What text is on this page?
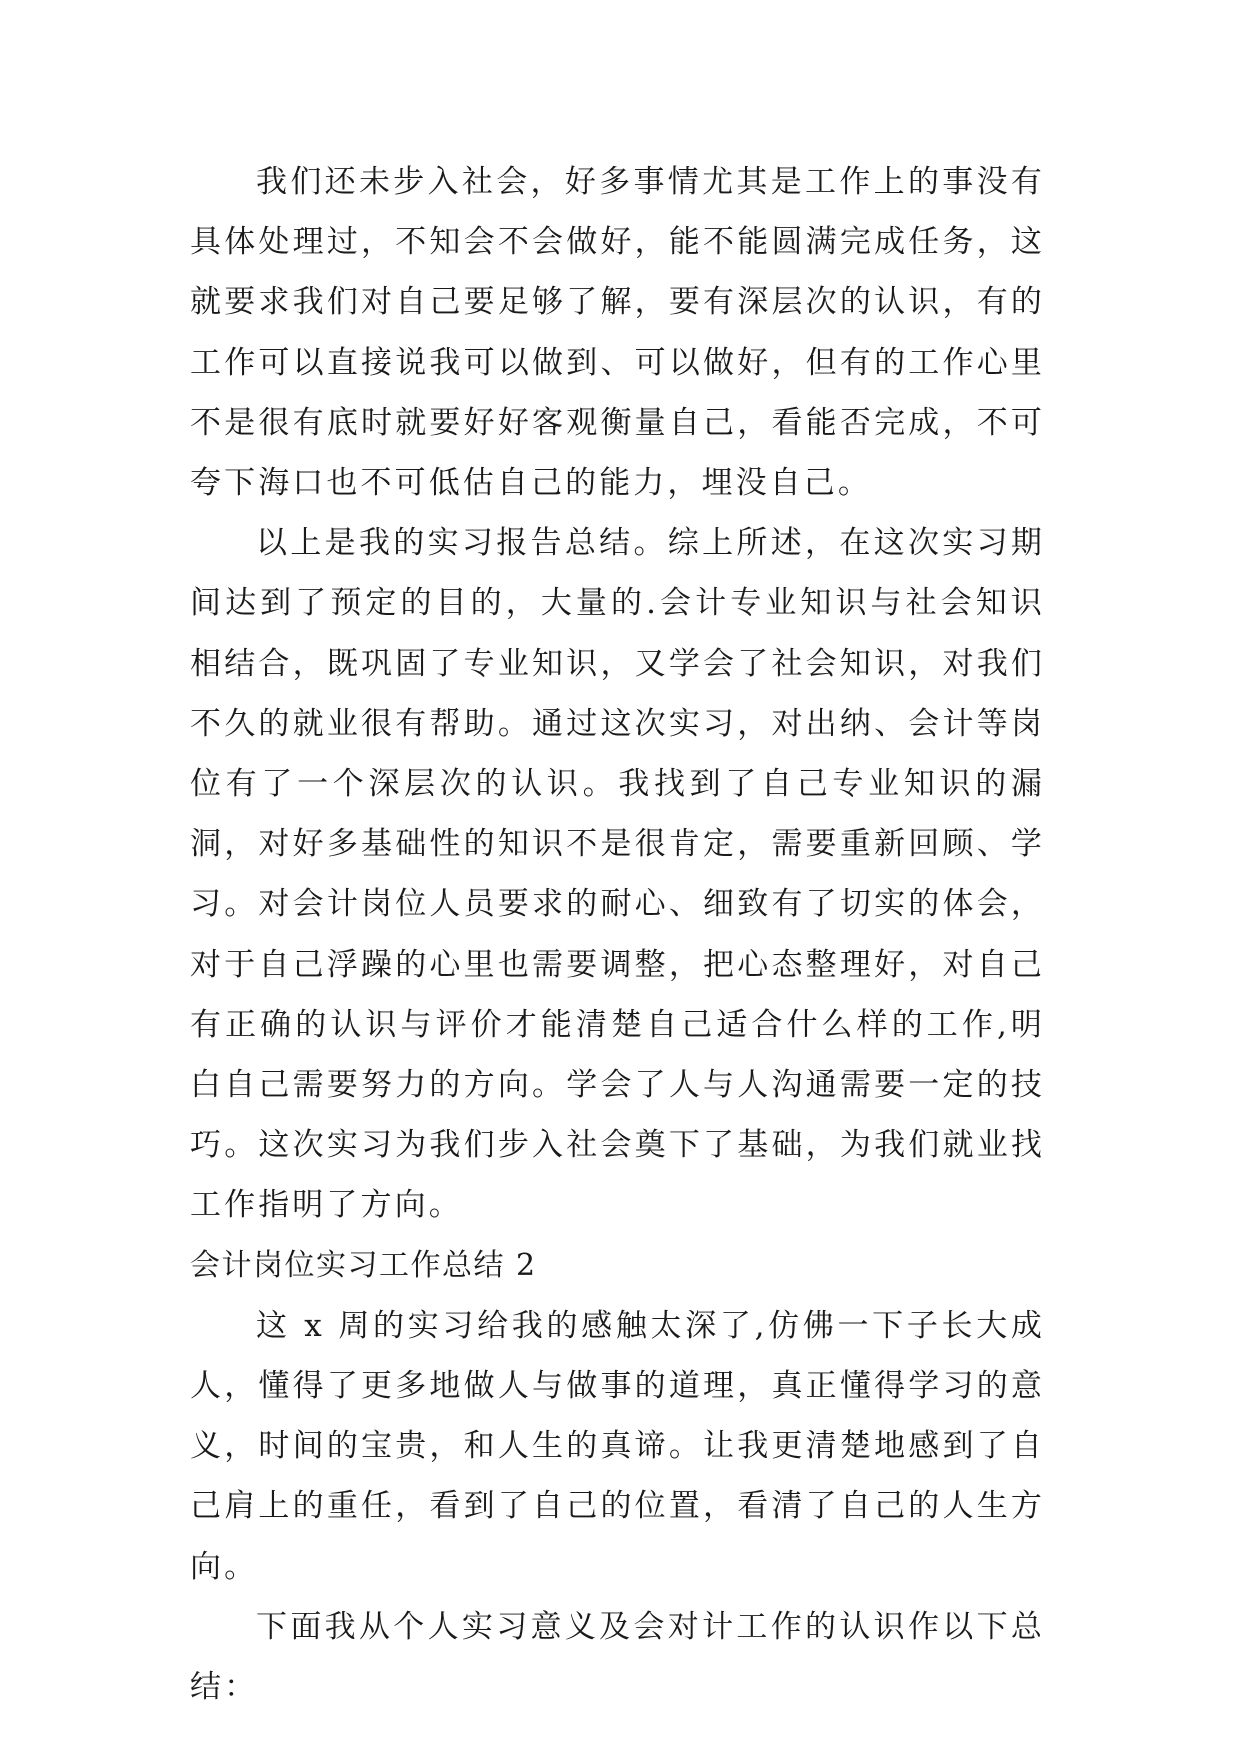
我们还未步入社会，好多事情尤其是工作上的事没有具体处理过，不知会不会做好，能不能圆满完成任务，这就要求我们对自己要足够了解，要有深层次的认识，有的工作可以直接说我可以做到、可以做好，但有的工作心里不是很有底时就要好好客观衡量自己，看能否完成，不可夸下海口也不可低估自己的能力，埋没自己。

以上是我的实习报告总结。综上所述，在这次实习期间达到了预定的目的，大量的.会计专业知识与社会知识相结合，既巩固了专业知识，又学会了社会知识，对我们不久的就业很有帮助。通过这次实习，对出纳、会计等岗位有了一个深层次的认识。我找到了自己专业知识的漏洞，对好多基础性的知识不是很肯定，需要重新回顾、学习。对会计岗位人员要求的耐心、细致有了切实的体会，对于自己浮躁的心里也需要调整，把心态整理好，对自己有正确的认识与评价才能清楚自己适合什么样的工作,明白自己需要努力的方向。学会了人与人沟通需要一定的技巧。这次实习为我们步入社会奠下了基础，为我们就业找工作指明了方向。

会计岗位实习工作总结 2

这 x 周的实习给我的感触太深了,仿佛一下子长大成人，懂得了更多地做人与做事的道理，真正懂得学习的意义，时间的宝贵，和人生的真谛。让我更清楚地感到了自己肩上的重任，看到了自己的位置，看清了自己的人生方向。

下面我从个人实习意义及会对计工作的认识作以下总结：
